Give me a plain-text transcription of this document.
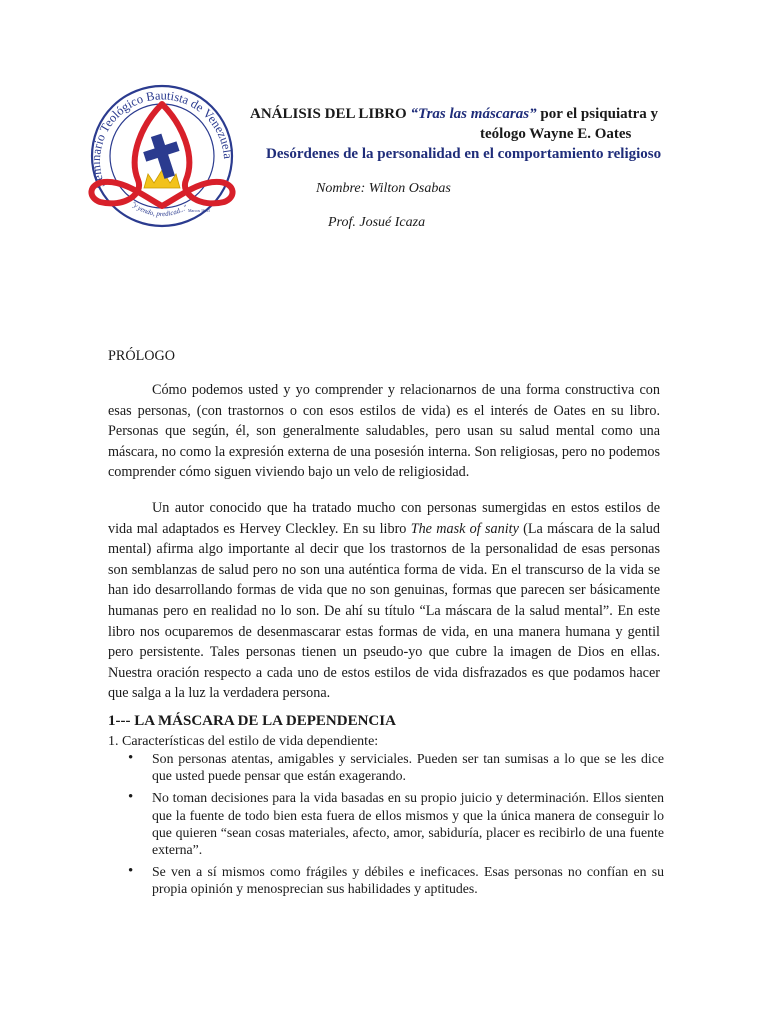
Seminario Teológico Bautista de Venezuela
"y yendo, predicad..." Marcos 16:15
ANÁLISIS DEL LIBRO “Tras las máscaras” por el psiquiatra y
teólogo Wayne E. Oates
Desórdenes de la personalidad en el comportamiento religioso
Nombre: Wilton Osabas
Prof. Josué Icaza
PRÓLOGO
Cómo podemos usted y yo comprender y relacionarnos de una forma constructiva con esas personas, (con trastornos o con esos estilos de vida) es el interés de Oates en su libro. Personas que según, él, son generalmente saludables, pero usan su salud mental como una máscara, no como la expresión externa de una posesión interna. Son religiosas, pero no podemos comprender cómo siguen viviendo bajo un velo de religiosidad.
Un autor conocido que ha tratado mucho con personas sumergidas en estos estilos de vida mal adaptados es Hervey Cleckley. En su libro The mask of sanity (La máscara de la salud mental) afirma algo importante al decir que los trastornos de la personalidad de esas personas son semblanzas de salud pero no son una auténtica forma de vida. En el transcurso de la vida se han ido desarrollando formas de vida que no son genuinas, formas que parecen ser básicamente humanas pero en realidad no lo son. De ahí su título “La máscara de la salud mental”. En este libro nos ocuparemos de desenmascarar estas formas de vida, en una manera humana y gentil pero persistente. Tales personas tienen un pseudo-yo que cubre la imagen de Dios en ellas. Nuestra oración respecto a cada uno de estos estilos de vida disfrazados es que podamos hacer que salga a la luz la verdadera persona.
1--- LA MÁSCARA DE LA DEPENDENCIA
1. Características del estilo de vida dependiente:
• Son personas atentas, amigables y serviciales. Pueden ser tan sumisas a lo que se les dice que usted puede pensar que están exagerando.
• No toman decisiones para la vida basadas en su propio juicio y determinación. Ellos sienten que la fuente de todo bien esta fuera de ellos mismos y que la única manera de conseguir lo que quieren “sean cosas materiales, afecto, amor, sabiduría, placer es recibirlo de una fuente externa”.
• Se ven a sí mismos como frágiles y débiles e ineficaces. Esas personas no confían en su propia opinión y menosprecian sus habilidades y aptitudes.
